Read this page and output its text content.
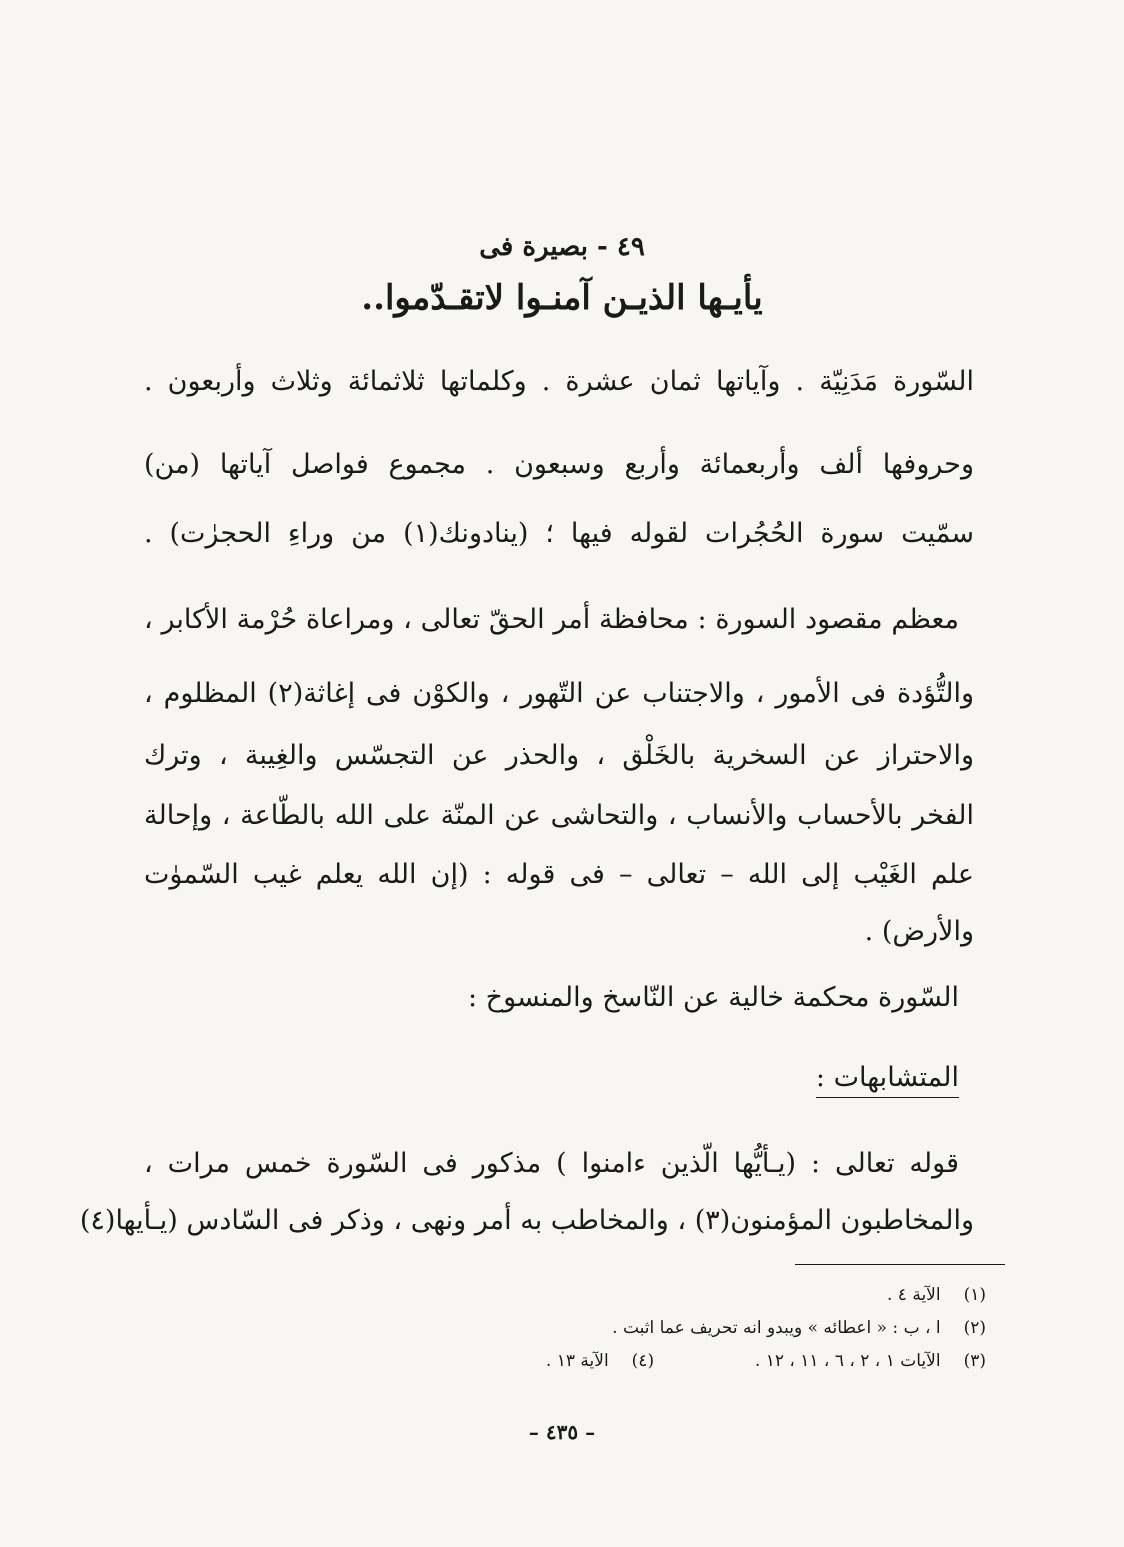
٤٩ - بصيرة فى
يأيـها الذيـن آمنـوا لاتقـدّموا..
السّورة مَدَنِيّة . وآياتها ثمان عشرة . وكلماتها ثلاثمائة وثلاث وأربعون .
وحروفها ألف وأربعمائة وأربع وسبعون . مجموع فواصل آياتها (من)
سمّيت سورة الحُجُرات لقوله فيها ؛ (ينادونك(١) من وراءِ الحجرٰت) .
معظم مقصود السورة : محافظة أمر الحقّ تعالى ، ومراعاة حُرْمة الأكابر ،
والتُّؤدة فى الأمور ، والاجتناب عن التّهور ، والكوْن فى إغاثة(٢) المظلوم ،
والاحتراز عن السخرية بالخَلْق ، والحذر عن التجسّس والغِيبة ، وترك
الفخر بالأحساب والأنساب ، والتحاشى عن المنّة على الله بالطّاعة ، وإحالة
علم الغَيْب إلى الله – تعالى – فى قوله : (إن الله يعلم غيب السّموٰت
والأرض) .
السّورة محكمة خالية عن النّاسخ والمنسوخ :
المتشابهات :
قوله تعالى : (يـأيُّها الّذين ءامنوا ) مذكور فى السّورة خمس مرات ،
والمخاطبون المؤمنون(٣) ، والمخاطب به أمر ونهى ، وذكر فى السّادس (يـأيها(٤)
(١) الآية ٤ .
(٢) ا ، ب : « اعطائه » ويبدو انه تحريف عما اثبت .
(٣) الآيات ١ ، ٢ ، ٦ ، ١١ ، ١٢ .  (٤) الآية ١٣ .
– ٤٣٥ –
